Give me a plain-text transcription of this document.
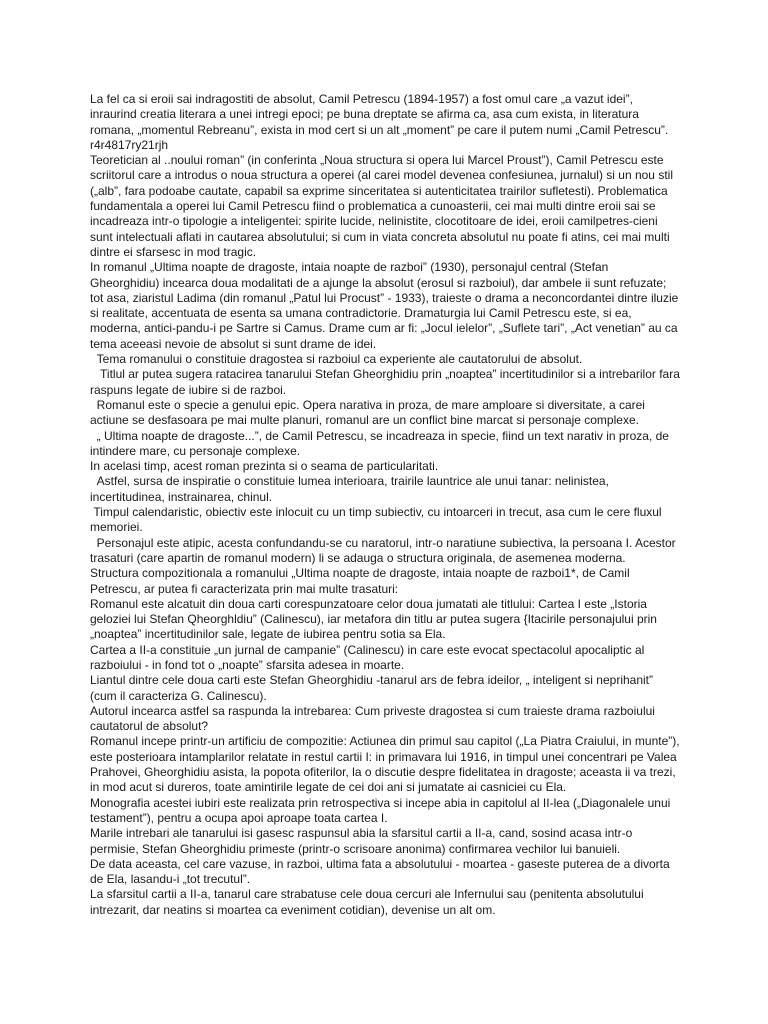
La fel ca si eroii sai indragostiti de absolut, Camil Petrescu (1894-1957) a fost omul care „a vazut idei”, inraurind creatia literara a unei intregi epoci; pe buna dreptate se afirma ca, asa cum exista, in literatura romana, „momentul Rebreanu”, exista in mod cert si un alt „moment” pe care il putem numi „Camil Petrescu”. r4r4817ry21rjh

Teoretician al ..noului roman” (in conferinta „Noua structura si opera lui Marcel Proust”), Camil Petrescu este scriitorul care a introdus o noua structura a operei (al carei model devenea confesiunea, jurnalul) si un nou stil („alb”, fara podoabe cautate, capabil sa exprime sinceritatea si autenticitatea trairilor sufletesti). Problematica fundamentala a operei lui Camil Petrescu fiind o problematica a cunoasterii, cei mai multi dintre eroii sai se incadreaza intr-o tipologie a inteligentei: spirite lucide, nelinistite, clocotitoare de idei, eroii camilpetres-cieni sunt intelectuali aflati in cautarea absolutului; si cum in viata concreta absolutul nu poate fi atins, cei mai multi dintre ei sfarsesc in mod tragic.

In romanul „Ultima noapte de dragoste, intaia noapte de razboi” (1930), personajul central (Stefan Gheorghidiu) incearca doua modalitati de a ajunge la absolut (erosul si razboiul), dar ambele ii sunt refuzate; tot asa, ziaristul Ladima (din romanul „Patul lui Procust” - 1933), traieste o drama a neconcordantei dintre iluzie si realitate, accentuata de esenta sa umana contradictorie. Dramaturgia lui Camil Petrescu este, si ea, moderna, antici-pandu-i pe Sartre si Camus. Drame cum ar fi: „Jocul ielelor”, „Suflete tari”, „Act venetian” au ca tema aceeasi nevoie de absolut si sunt drame de idei.

Tema romanului o constituie dragostea si razboiul ca experiente ale cautatorului de absolut.

Titlul ar putea sugera ratacirea tanarului Stefan Gheorghidiu prin „noaptea” incertitudinilor si a intrebarilor fara raspuns legate de iubire si de razboi.

Romanul este o specie a genului epic. Opera narativa in proza, de mare amploare si diversitate, a carei actiune se desfasoara pe mai multe planuri, romanul are un conflict bine marcat si personaje complexe.

„ Ultima noapte de dragoste...”, de Camil Petrescu, se incadreaza in specie, fiind un text narativ in proza, de intindere mare, cu personaje complexe.

In acelasi timp, acest roman prezinta si o seama de particularitati.

Astfel, sursa de inspiratie o constituie lumea interioara, trairile launtrice ale unui tanar: nelinistea, incertitudinea, instrainarea, chinul.

Timpul calendaristic, obiectiv este inlocuit cu un timp subiectiv, cu intoarceri in trecut, asa cum le cere fluxul memoriei.

Personajul este atipic, acesta confundandu-se cu naratorul, intr-o naratiune subiectiva, la persoana I. Acestor trasaturi (care apartin de romanul modern) li se adauga o structura originala, de asemenea moderna.

Structura compozitionala a romanului „Ultima noapte de dragoste, intaia noapte de razboi1*, de Camil Petrescu, ar putea fi caracterizata prin mai multe trasaturi:

Romanul este alcatuit din doua carti corespunzatoare celor doua jumatati ale titlului: Cartea I este „Istoria geloziei lui Stefan Qheorghldiu” (Calinescu), iar metafora din titlu ar putea sugera {Itacirile personajului prin „noaptea” incertitudinilor sale, legate de iubirea pentru sotia sa Ela.

Cartea a II-a constituie „un jurnal de campanie” (Calinescu) in care este evocat spectacolul apocaliptic al razboiului - in fond tot o „noapte” sfarsita adesea in moarte.

Liantul dintre cele doua carti este Stefan Gheorghidiu -tanarul ars de febra ideilor, „ inteligent si neprihanit” (cum il caracteriza G. Calinescu).

Autorul incearca astfel sa raspunda la intrebarea: Cum priveste dragostea si cum traieste drama razboiului cautatorul de absolut?

Romanul incepe printr-un artificiu de compozitie: Actiunea din primul sau capitol („La Piatra Craiului, in munte”), este posterioara intamplarilor relatate in restul cartii I: in primavara lui 1916, in timpul unei concentrari pe Valea Prahovei, Gheorghidiu asista, la popota ofiterilor, la o discutie despre fidelitatea in dragoste; aceasta ii va trezi, in mod acut si dureros, toate amintirile legate de cei doi ani si jumatate ai casniciei cu Ela.

Monografia acestei iubiri este realizata prin retrospectiva si incepe abia in capitolul al II-lea („Diagonalele unui testament”), pentru a ocupa apoi aproape toata cartea I.

Marile intrebari ale tanarului isi gasesc raspunsul abia la sfarsitul cartii a II-a, cand, sosind acasa intr-o permisie, Stefan Gheorghidiu primeste (printr-o scrisoare anonima) confirmarea vechilor lui banuieli.

De data aceasta, cel care vazuse, in razboi, ultima fata a absolutului - moartea - gaseste puterea de a divorta de Ela, lasandu-i „tot trecutul”.

La sfarsitul cartii a II-a, tanarul care strabatuse cele doua cercuri ale Infernului sau (penitenta absolutului intrezarit, dar neatins si moartea ca eveniment cotidian), devenise un alt om.
